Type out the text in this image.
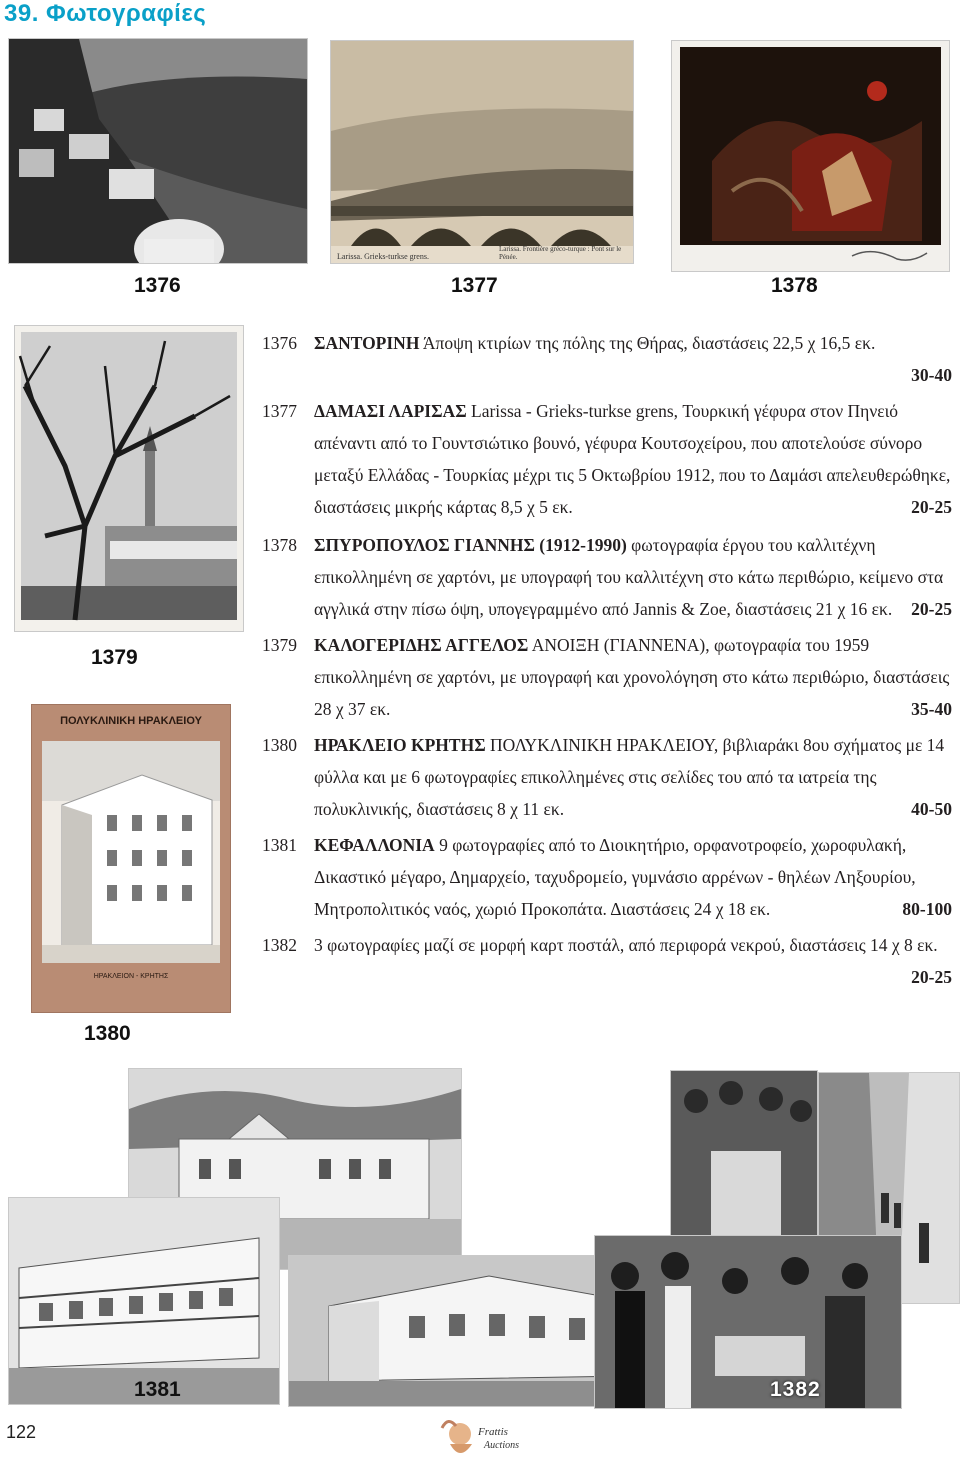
39. Φωτογραφίες
Larissa. Grieks-turkse grens.
Larissa. Frontière gréco-turque : Pont sur le Pénée.
1376	1377	1378
1379
ΠΟΛΥΚΛΙΝΙΚΗ ΗΡΑΚΛΕΙΟΥ
ΗΡΑΚΛΕΙΟΝ - ΚΡΗΤΗΣ
1380
1376 ΣΑΝΤΟΡΙΝΗ Άποψη κτιρίων της πόλης της Θήρας, διαστάσεις 22,5 χ 16,5 εκ.
30-40
1377 ΔΑΜΑΣΙ ΛΑΡΙΣΑΣ Larissa - Grieks-turkse grens, Τουρκική γέφυρα στον Πηνειό απέναντι από το Γουντσιώτικο βουνό, γέφυρα Κουτσοχείρου, που αποτελούσε σύνορο μεταξύ Ελλάδας - Τουρκίας μέχρι τις 5 Οκτωβρίου 1912, που το Δαμάσι απελευθερώθηκε, διαστάσεις μικρής κάρτας 8,5 χ 5 εκ.	20-25
1378 ΣΠΥΡΟΠΟΥΛΟΣ ΓΙΑΝΝΗΣ (1912-1990) φωτογραφία έργου του καλλιτέχνη επικολλημένη σε χαρτόνι, με υπογραφή του καλλιτέχνη στο κάτω περιθώριο, κείμενο στα αγγλικά στην πίσω όψη, υπογεγραμμένο από Jannis & Zoe, διαστάσεις 21 χ 16 εκ. 20-25
1379 ΚΑΛΟΓΕΡΙΔΗΣ ΑΓΓΕΛΟΣ ΑΝΟΙΞΗ (ΓΙΑΝΝΕΝΑ), φωτογραφία του 1959 επικολλημένη σε χαρτόνι, με υπογραφή και χρονολόγηση στο κάτω περιθώριο, διαστάσεις 28 χ 37 εκ.	35-40
1380 ΗΡΑΚΛΕΙΟ ΚΡΗΤΗΣ ΠΟΛΥΚΛΙΝΙΚΗ ΗΡΑΚΛΕΙΟΥ, βιβλιαράκι 8ου σχήματος με 14 φύλλα και με 6 φωτογραφίες επικολλημένες στις σελίδες του από τα ιατρεία της πολυκλινικής, διαστάσεις 8 χ 11 εκ.	40-50
1381 ΚΕΦΑΛΛΟΝΙΑ 9 φωτογραφίες από το Διοικητήριο, ορφανοτροφείο, χωροφυλακή, Δικαστικό μέγαρο, Δημαρχείο, ταχυδρομείο, γυμνάσιο αρρένων - θηλέων Ληξουρίου, Μητροπολιτικός ναός, χωριό Προκοπάτα. Διαστάσεις 24 χ 18 εκ.	80-100
1382 3 φωτογραφίες μαζί σε μορφή καρτ ποστάλ, από περιφορά νεκρού, διαστάσεις 14 χ 8 εκ.
20-25
1381	1382
122	Frattis
Auctions
